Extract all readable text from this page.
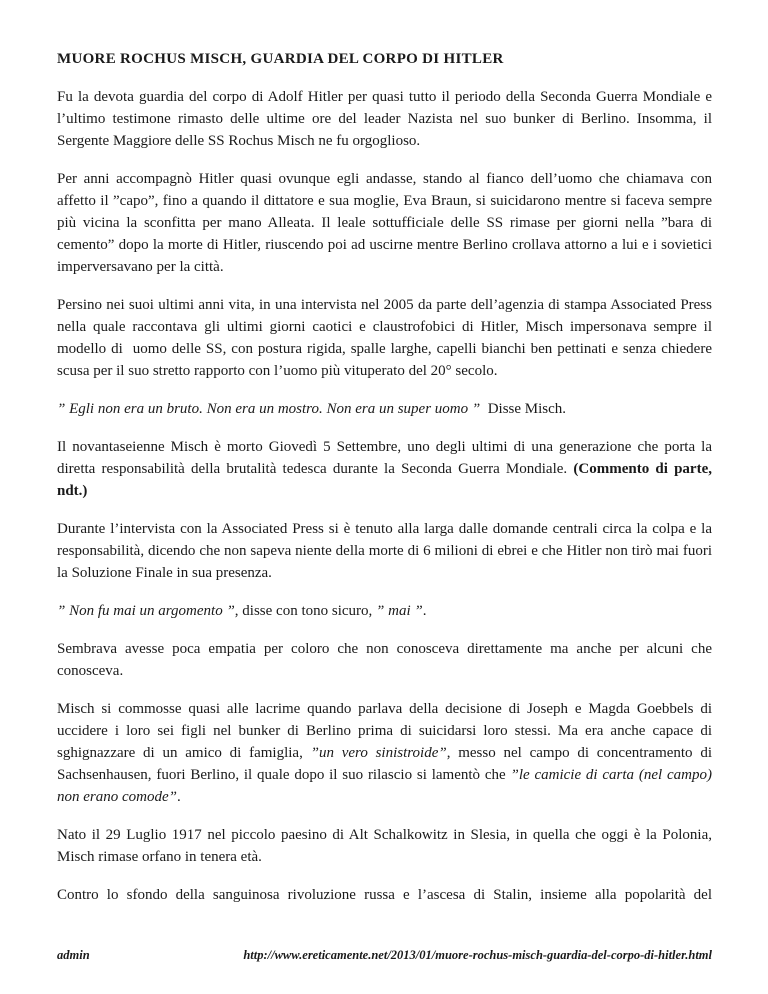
MUORE ROCHUS MISCH, GUARDIA DEL CORPO DI HITLER

Fu la devota guardia del corpo di Adolf Hitler per quasi tutto il periodo della Seconda Guerra Mondiale e l’ultimo testimone rimasto delle ultime ore del leader Nazista nel suo bunker di Berlino. Insomma, il Sergente Maggiore delle SS Rochus Misch ne fu orgoglioso.

Per anni accompagnò Hitler quasi ovunque egli andasse, stando al fianco dell’uomo che chiamava con affetto il ”capo”, fino a quando il dittatore e sua moglie, Eva Braun, si suicidarono mentre si faceva sempre più vicina la sconfitta per mano Alleata. Il leale sottufficiale delle SS rimase per giorni nella ”bara di cemento” dopo la morte di Hitler, riuscendo poi ad uscirne mentre Berlino crollava attorno a lui e i sovietici imperversavano per la città.

Persino nei suoi ultimi anni vita, in una intervista nel 2005 da parte dell’agenzia di stampa Associated Press nella quale raccontava gli ultimi giorni caotici e claustrofobici di Hitler, Misch impersonava sempre il modello di  uomo delle SS, con postura rigida, spalle larghe, capelli bianchi ben pettinati e senza chiedere scusa per il suo stretto rapporto con l’uomo più vituperato del 20° secolo.

” Egli non era un bruto. Non era un mostro. Non era un super uomo ”  Disse Misch.

Il novantaseienne Misch è morto Giovedì 5 Settembre, uno degli ultimi di una generazione che porta la diretta responsabilità della brutalità tedesca durante la Seconda Guerra Mondiale. (Commento di parte, ndt.)

Durante l’intervista con la Associated Press si è tenuto alla larga dalle domande centrali circa la colpa e la responsabilità, dicendo che non sapeva niente della morte di 6 milioni di ebrei e che Hitler non tirò mai fuori la Soluzione Finale in sua presenza.

” Non fu mai un argomento ”, disse con tono sicuro, ” mai ”.

Sembrava avesse poca empatia per coloro che non conosceva direttamente ma anche per alcuni che conosceva.

Misch si commosse quasi alle lacrime quando parlava della decisione di Joseph e Magda Goebbels di uccidere i loro sei figli nel bunker di Berlino prima di suicidarsi loro stessi. Ma era anche capace di sghignazzare di un amico di famiglia, ”un vero sinistroide”, messo nel campo di concentramento di Sachsenhausen, fuori Berlino, il quale dopo il suo rilascio si lamentò che ”le camicie di carta (nel campo) non erano comode”.

Nato il 29 Luglio 1917 nel piccolo paesino di Alt Schalkowitz in Slesia, in quella che oggi è la Polonia, Misch rimase orfano in tenera età.

Contro lo sfondo della sanguinosa rivoluzione russa e l’ascesa di Stalin, insieme alla popolarità del

admin	http://www.ereticamente.net/2013/01/muore-rochus-misch-guardia-del-corpo-di-hitler.html
